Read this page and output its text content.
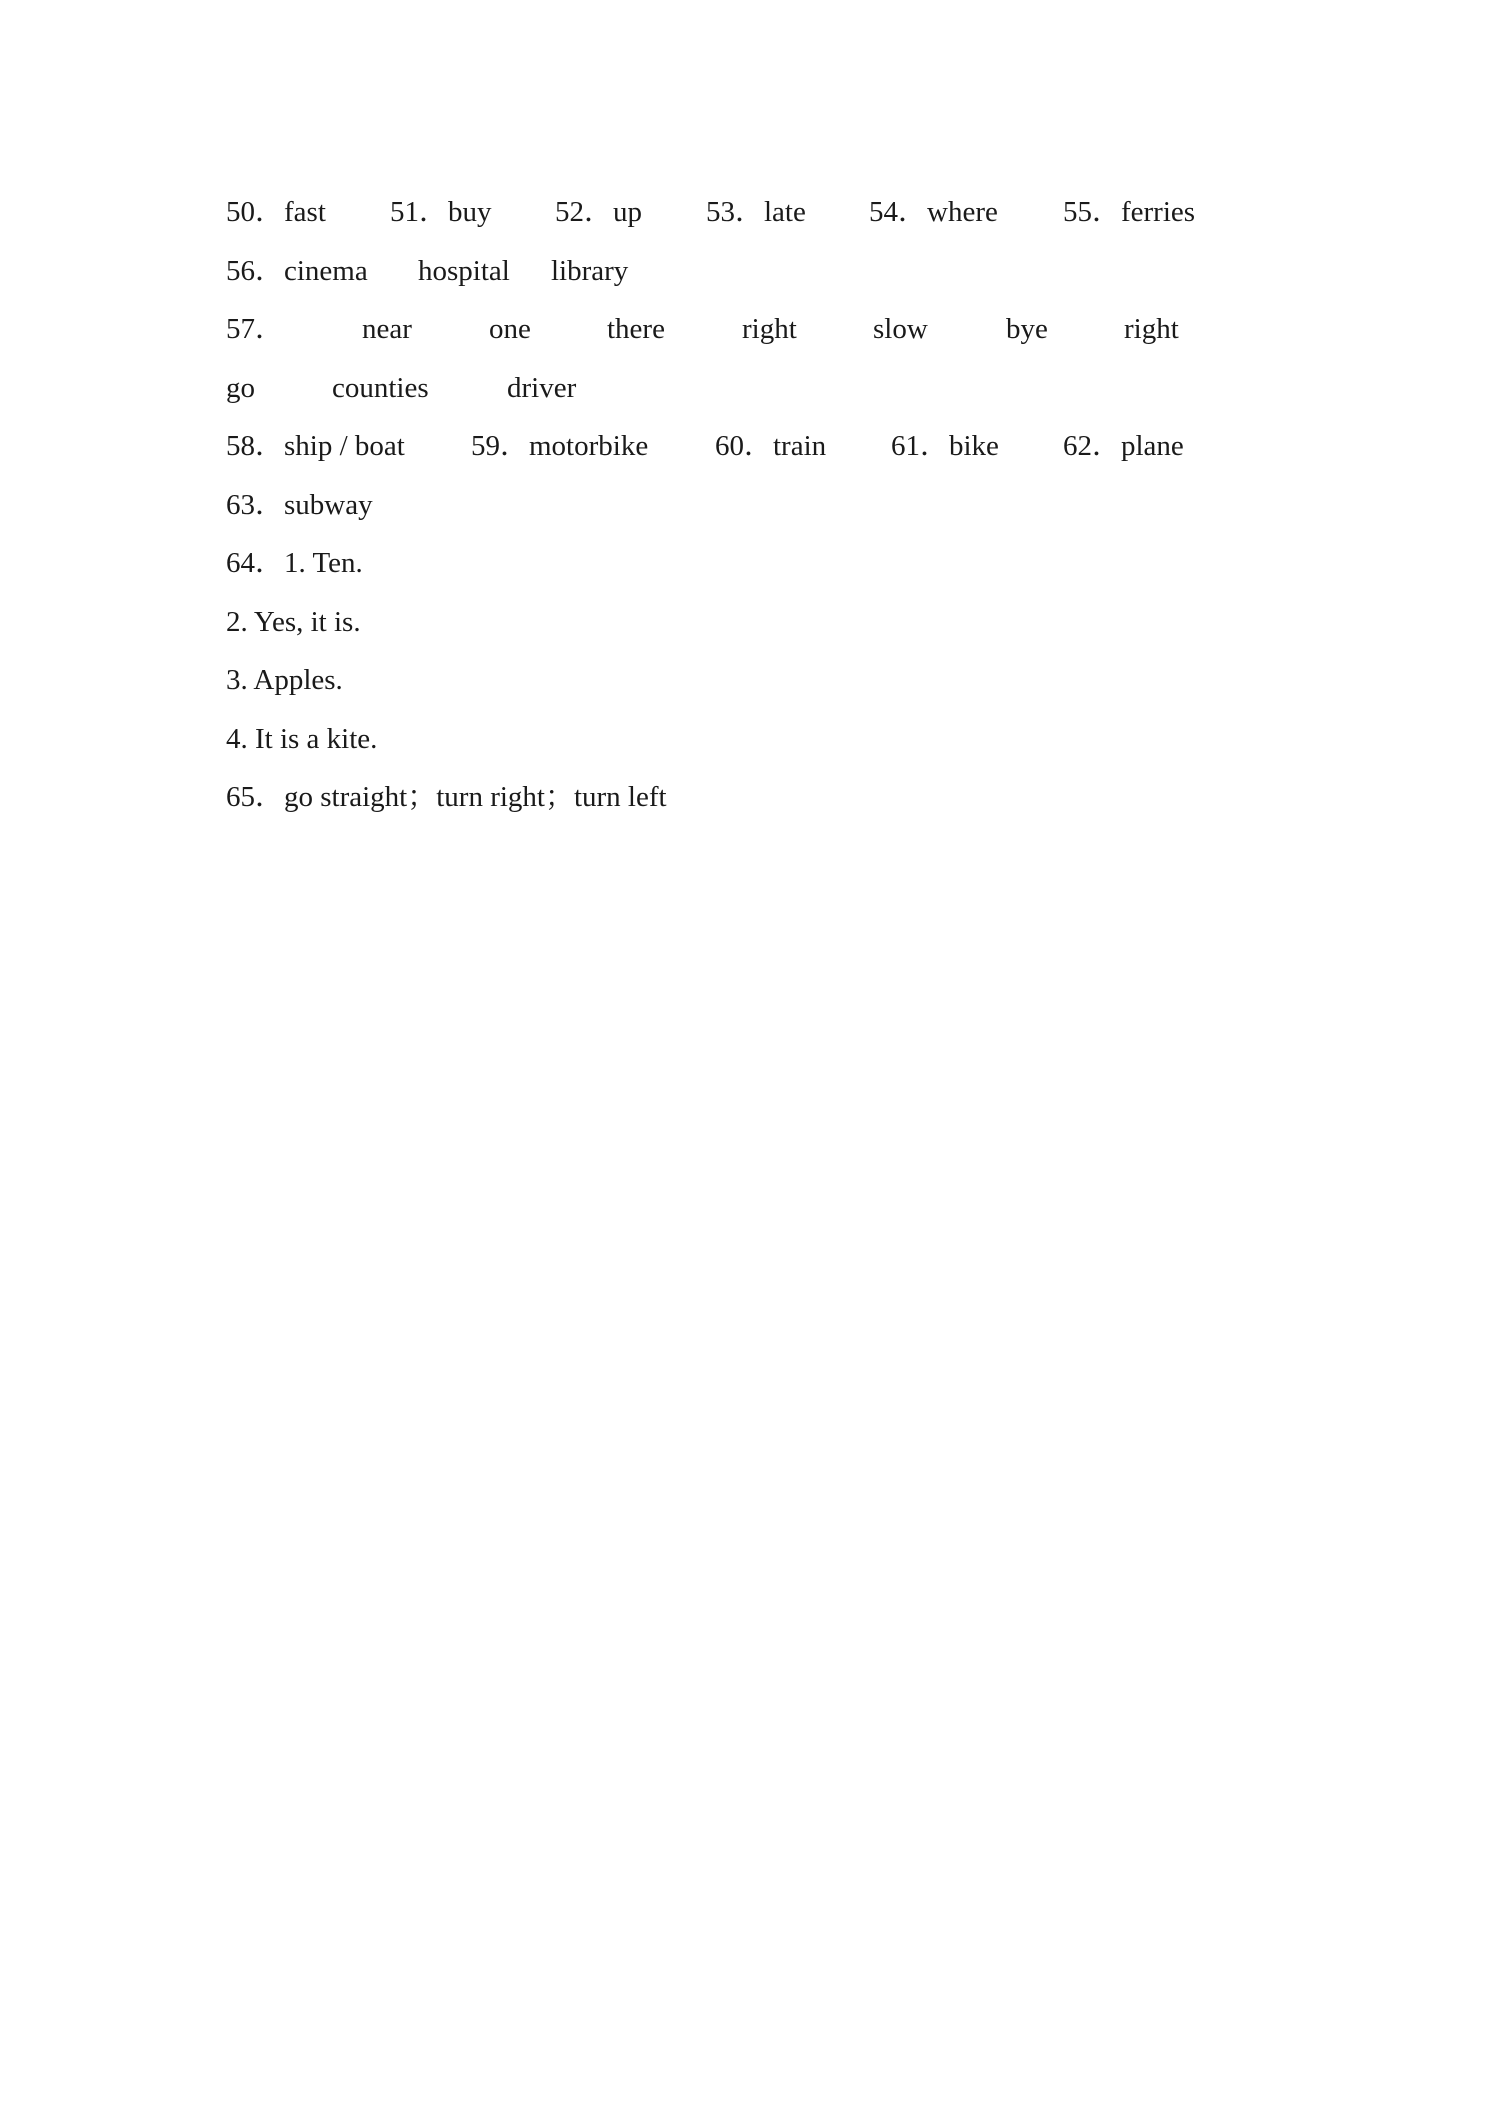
50．fast 51．buy 52．up 53．late 54．where 55．ferries
56．cinema hospital library
57．	near	one	there	right	slow	bye	right
go	counties	driver
58．ship / boat 59．motorbike 60．train 61．bike 62．plane
63．subway
64．1. Ten.
2. Yes, it is.
3. Apples.
4. It is a kite.
65．go straight；turn right；turn left
